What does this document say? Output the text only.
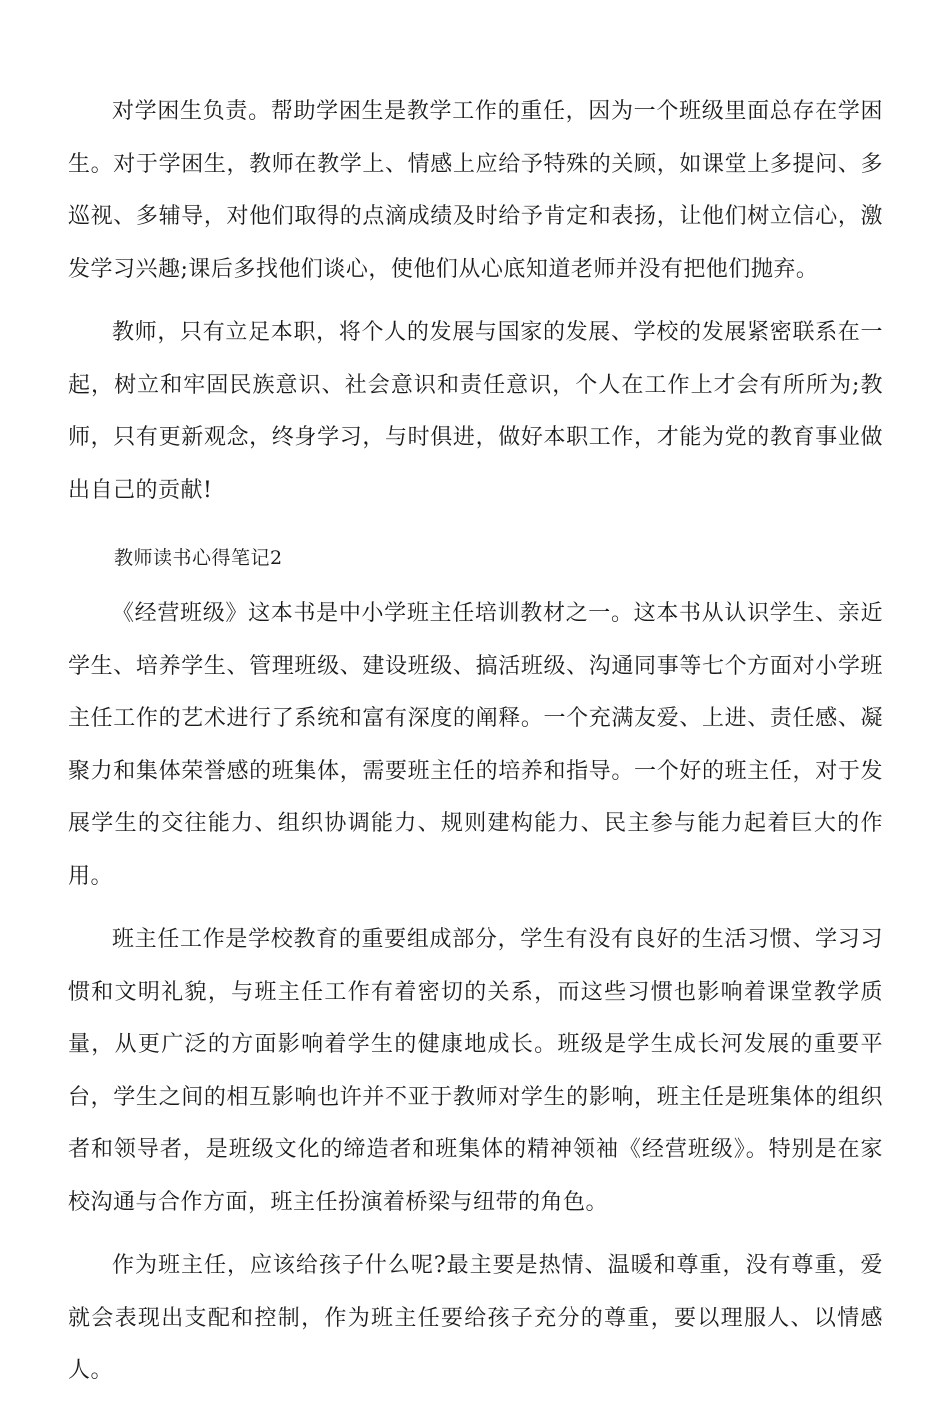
对学困生负责。帮助学困生是教学工作的重任，因为一个班级里面总存在学困生。对于学困生，教师在教学上、情感上应给予特殊的关顾，如课堂上多提问、多巡视、多辅导，对他们取得的点滴成绩及时给予肯定和表扬，让他们树立信心，激发学习兴趣;课后多找他们谈心，使他们从心底知道老师并没有把他们抛弃。

教师，只有立足本职，将个人的发展与国家的发展、学校的发展紧密联系在一起，树立和牢固民族意识、社会意识和责任意识，个人在工作上才会有所所为;教师，只有更新观念，终身学习，与时俱进，做好本职工作，才能为党的教育事业做出自己的贡献!

教师读书心得笔记2

《经营班级》这本书是中小学班主任培训教材之一。这本书从认识学生、亲近学生、培养学生、管理班级、建设班级、搞活班级、沟通同事等七个方面对小学班主任工作的艺术进行了系统和富有深度的阐释。一个充满友爱、上进、责任感、凝聚力和集体荣誉感的班集体，需要班主任的培养和指导。一个好的班主任，对于发展学生的交往能力、组织协调能力、规则建构能力、民主参与能力起着巨大的作用。

班主任工作是学校教育的重要组成部分，学生有没有良好的生活习惯、学习习惯和文明礼貌，与班主任工作有着密切的关系，而这些习惯也影响着课堂教学质量，从更广泛的方面影响着学生的健康地成长。班级是学生成长河发展的重要平台，学生之间的相互影响也许并不亚于教师对学生的影响，班主任是班集体的组织者和领导者，是班级文化的缔造者和班集体的精神领袖《经营班级》。特别是在家校沟通与合作方面，班主任扮演着桥梁与纽带的角色。

作为班主任，应该给孩子什么呢?最主要是热情、温暖和尊重，没有尊重，爱就会表现出支配和控制，作为班主任要给孩子充分的尊重，要以理服人、以情感人。
